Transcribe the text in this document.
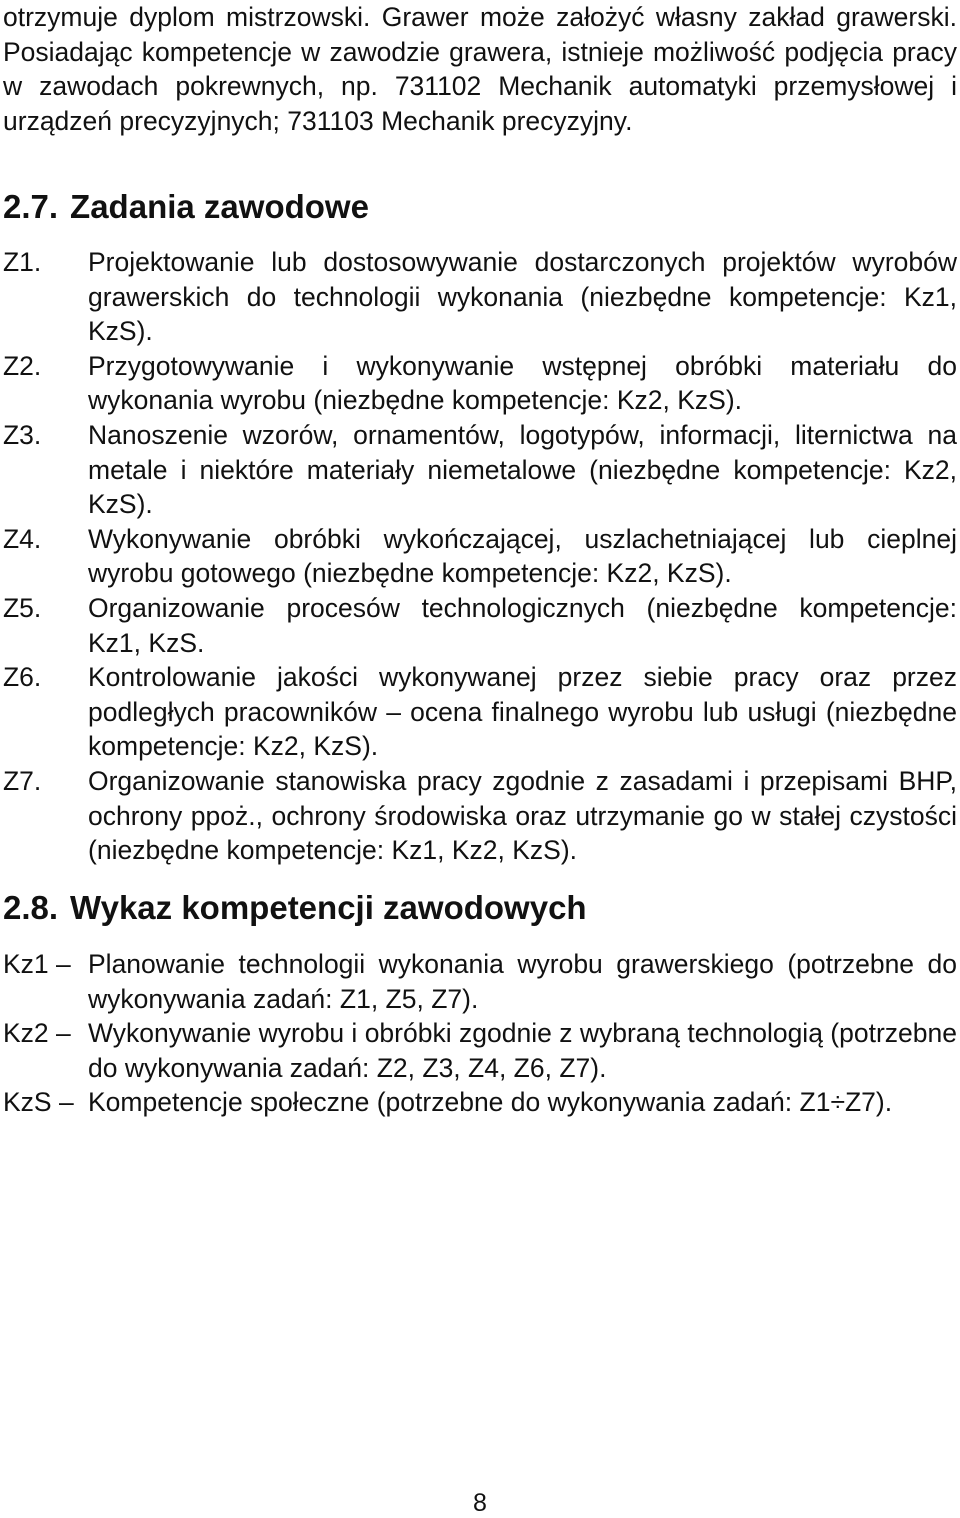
otrzymuje dyplom mistrzowski. Grawer może założyć własny zakład grawerski. Posiadając kompetencje w zawodzie grawera, istnieje możliwość podjęcia pracy w zawodach pokrewnych, np. 731102 Mechanik automatyki przemysłowej i urządzeń precyzyjnych; 731103 Mechanik precyzyjny.

2.7. Zadania zawodowe
Z1.	Projektowanie lub dostosowywanie dostarczonych projektów wyrobów grawerskich do technologii wykonania (niezbędne kompetencje: Kz1, KzS).
Z2.	Przygotowywanie i wykonywanie wstępnej obróbki materiału do wykonania wyrobu (niezbędne kompetencje: Kz2, KzS).
Z3.	Nanoszenie wzorów, ornamentów, logotypów, informacji, liternictwa na metale i niektóre materiały niemetalowe (niezbędne kompetencje: Kz2, KzS).
Z4.	Wykonywanie obróbki wykończającej, uszlachetniającej lub cieplnej wyrobu gotowego (niezbędne kompetencje: Kz2, KzS).
Z5.	Organizowanie procesów technologicznych (niezbędne kompetencje: Kz1, KzS.
Z6.	Kontrolowanie jakości wykonywanej przez siebie pracy oraz przez podległych pracowników – ocena finalnego wyrobu lub usługi (niezbędne kompetencje: Kz2, KzS).
Z7.	Organizowanie stanowiska pracy zgodnie z zasadami i przepisami BHP, ochrony ppoż., ochrony środowiska oraz utrzymanie go w stałej czystości (niezbędne kompetencje: Kz1, Kz2, KzS).
2.8. Wykaz kompetencji zawodowych
Kz1 – Planowanie technologii wykonania wyrobu grawerskiego (potrzebne do wykonywania zadań: Z1, Z5, Z7).
Kz2 – Wykonywanie wyrobu i obróbki zgodnie z wybraną technologią (potrzebne do wykonywania zadań: Z2, Z3, Z4, Z6, Z7).
KzS – Kompetencje społeczne (potrzebne do wykonywania zadań: Z1÷Z7).
8
